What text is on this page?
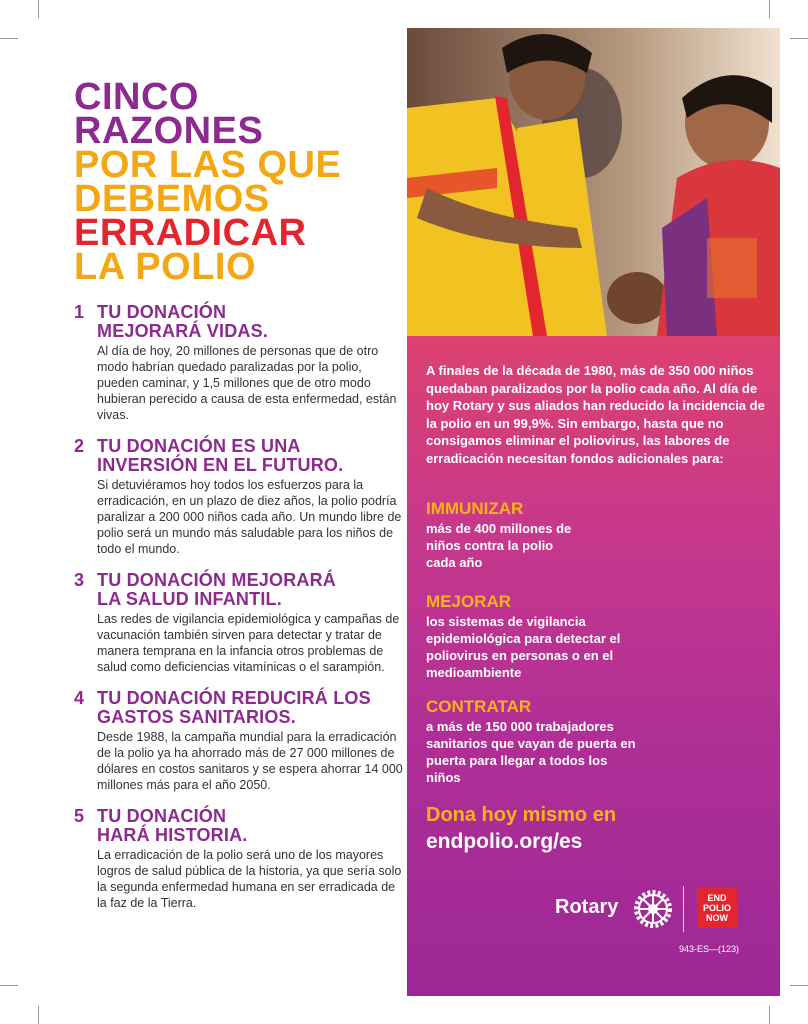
CINCO
RAZONES
POR LAS QUE
DEBEMOS
ERRADICAR
LA POLIO
1 TU DONACIÓN
MEJORARÁ VIDAS.

Al día de hoy, 20 millones de personas que de otro modo habrían quedado paralizadas por la polio, pueden caminar, y 1,5 millones que de otro modo hubieran perecido a causa de esta enfermedad, están vivas.

2 TU DONACIÓN ES UNA
INVERSIÓN EN EL FUTURO.

Si detuviéramos hoy todos los esfuerzos para la erradicación, en un plazo de diez años, la polio podría paralizar a 200 000 niños cada año. Un mundo libre de polio será un mundo más saludable para los niños de todo el mundo.

3 TU DONACIÓN MEJORARÁ
LA SALUD INFANTIL.

Las redes de vigilancia epidemiológica y campañas de vacunación también sirven para detectar y tratar de manera temprana en la infancia otros problemas de salud como deficiencias vitamínicas o el sarampión.

4 TU DONACIÓN REDUCIRÁ LOS
GASTOS SANITARIOS.

Desde 1988, la campaña mundial para la erradicación de la polio ya ha ahorrado más de 27 000 millones de dólares en costos sanitaros y se espera ahorrar 14 000 millones más para el año 2050.

5 TU DONACIÓN
HARÁ HISTORIA.

La erradicación de la polio será uno de los mayores logros de salud pública de la historia, ya que sería solo la segunda enfermedad humana en ser erradicada de la faz de la Tierra.

A finales de la década de 1980, más de 350 000 niños quedaban paralizados por la polio cada año. Al día de hoy Rotary y sus aliados han reducido la incidencia de la polio en un 99,9%. Sin embargo, hasta que no consigamos eliminar el poliovirus, las labores de erradicación necesitan fondos adicionales para:

IMMUNIZAR

más de 400 millones de niños contra la polio cada año

MEJORAR

los sistemas de vigilancia epidemiológica para detectar el poliovirus en personas o en el medioambiente

CONTRATAR

a más de 150 000 trabajadores sanitarios que vayan de puerta en puerta para llegar a todos los niños

Dona hoy mismo en
endpolio.org/es
Rotary	END
POLIO
NOW
943-ES—(123)
